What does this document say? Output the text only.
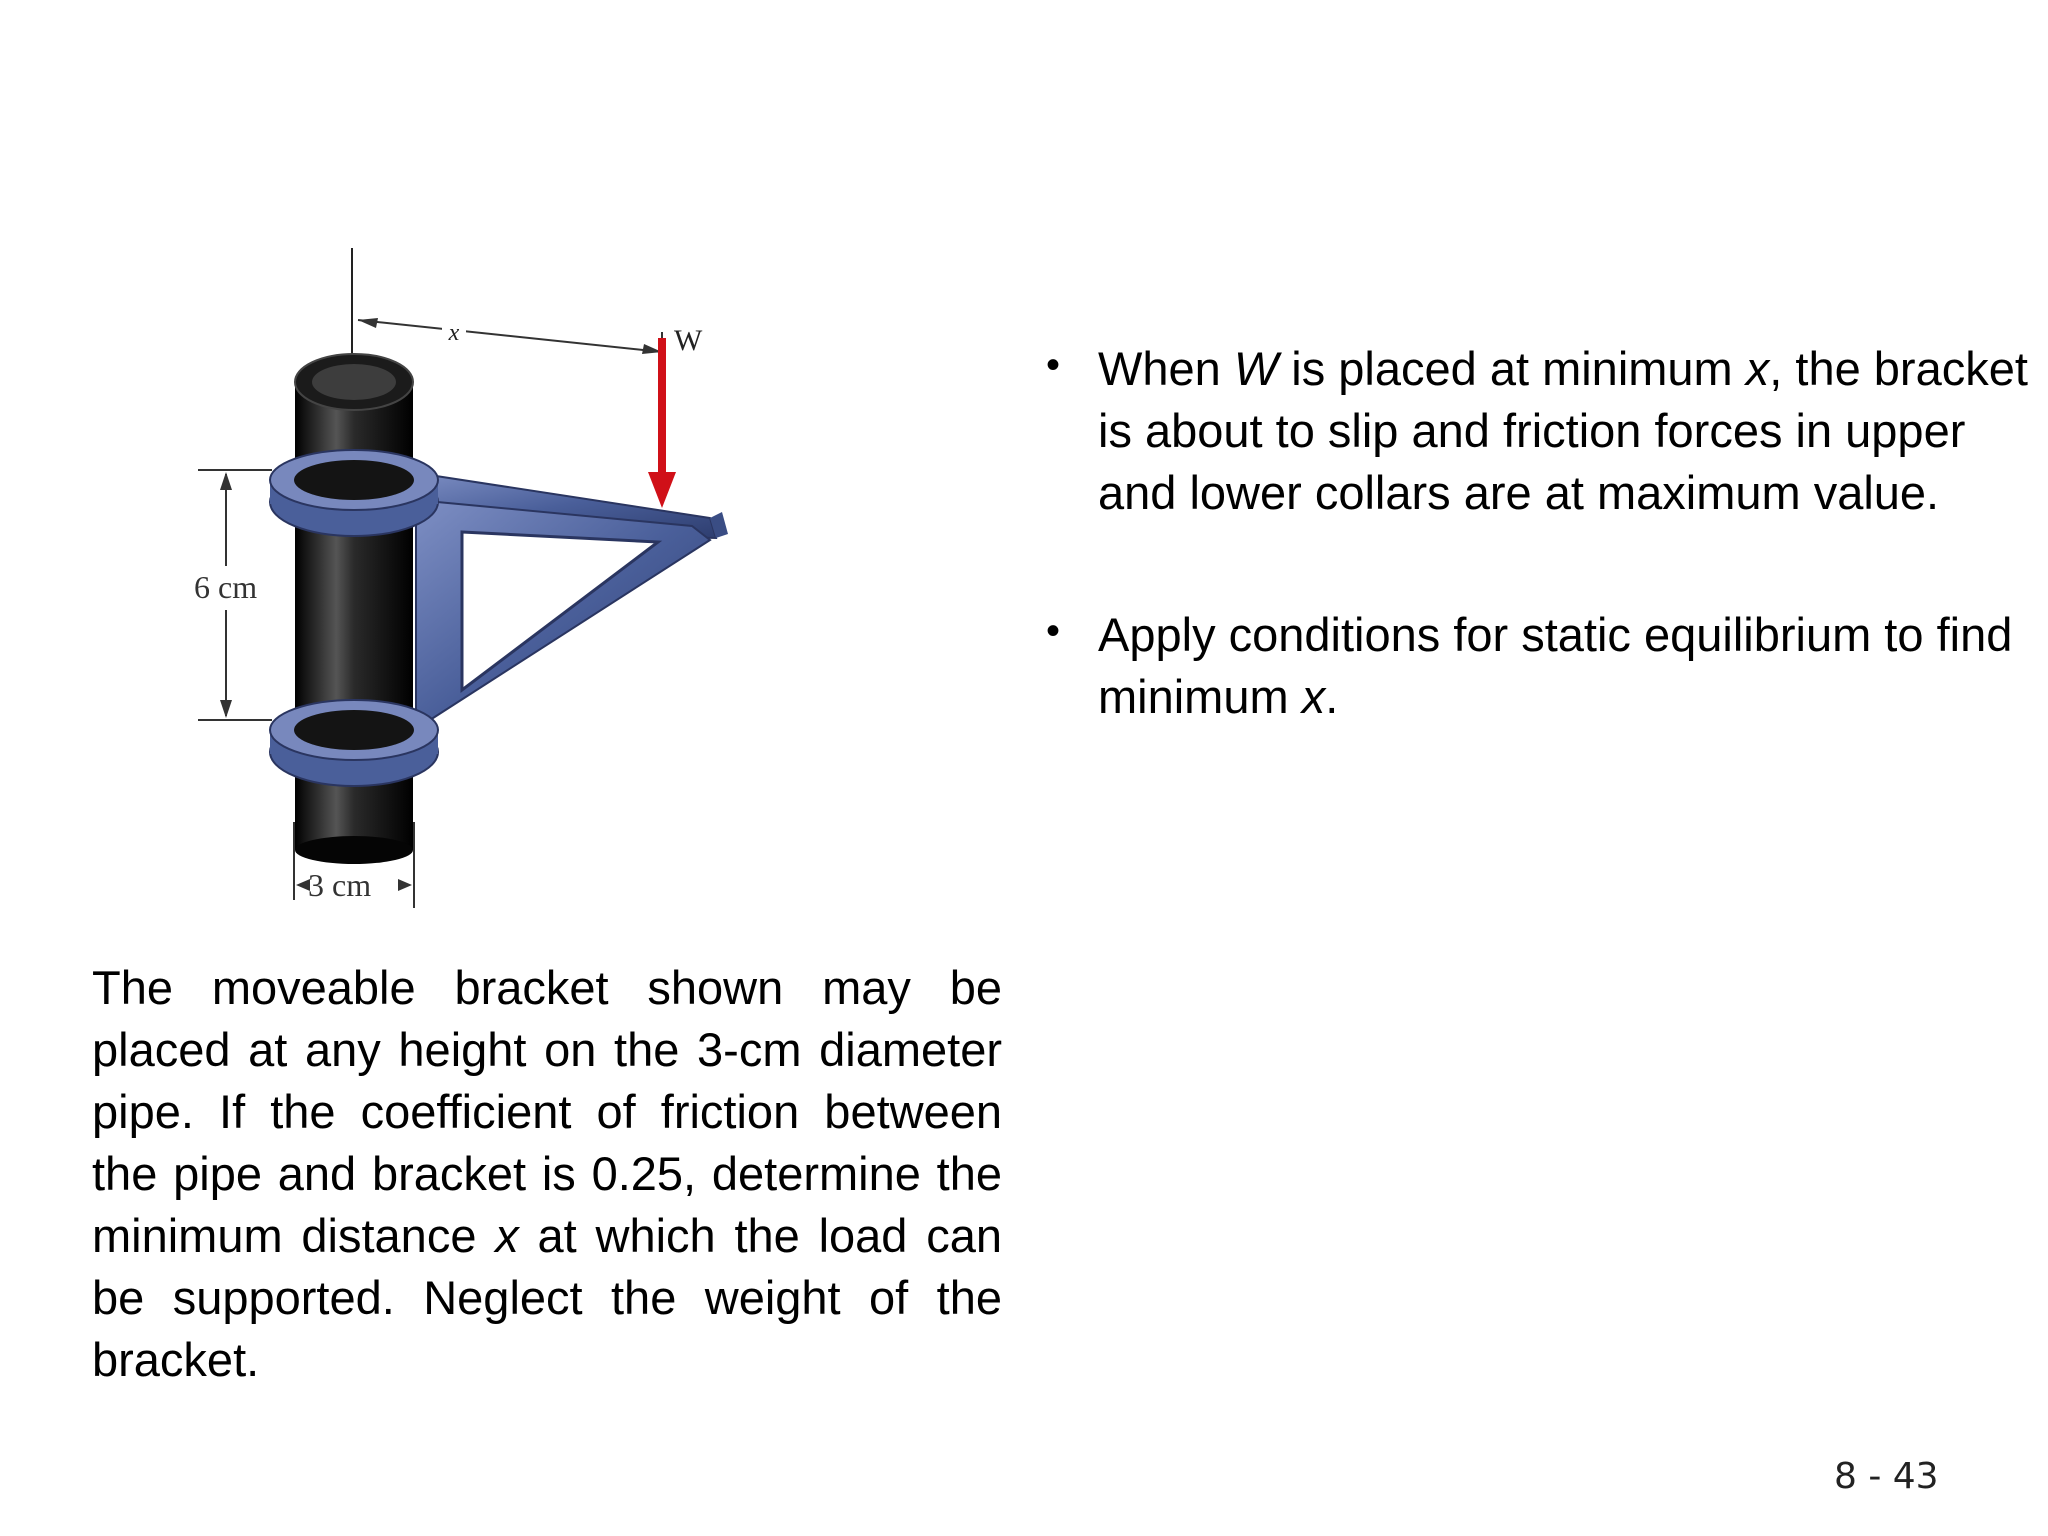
x	W
6 cm
3 cm

The moveable bracket shown may be placed at any height on the 3-cm diameter pipe. If the coefficient of friction between the pipe and bracket is 0.25, determine the minimum distance x at which the load can be supported. Neglect the weight of the bracket.

• When W is placed at minimum x, the bracket is about to slip and friction forces in upper and lower collars are at maximum value.
• Apply conditions for static equilibrium to find minimum x.
8 - 43
